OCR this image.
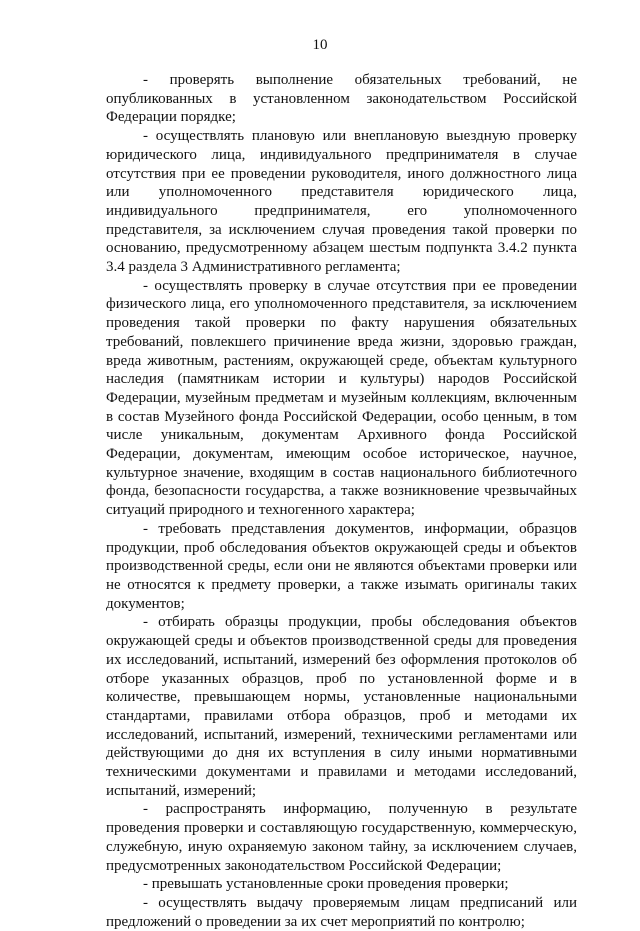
10

- проверять выполнение обязательных требований, не опубликованных в установленном законодательством Российской Федерации порядке;

- осуществлять плановую или внеплановую выездную проверку юридического лица, индивидуального предпринимателя в случае отсутствия при ее проведении руководителя, иного должностного лица или уполномоченного представителя юридического лица, индивидуального предпринимателя, его уполномоченного представителя, за исключением случая проведения такой проверки по основанию, предусмотренному абзацем шестым подпункта 3.4.2 пункта 3.4 раздела 3 Административного регламента;

- осуществлять проверку в случае отсутствия при ее проведении физического лица, его уполномоченного представителя, за исключением проведения такой проверки по факту нарушения обязательных требований, повлекшего причинение вреда жизни, здоровью граждан, вреда животным, растениям, окружающей среде, объектам культурного наследия (памятникам истории и культуры) народов Российской Федерации, музейным предметам и музейным коллекциям, включенным в состав Музейного фонда Российской Федерации, особо ценным, в том числе уникальным, документам Архивного фонда Российской Федерации, документам, имеющим особое историческое, научное, культурное значение, входящим в состав национального библиотечного фонда, безопасности государства, а также возникновение чрезвычайных ситуаций природного и техногенного характера;

- требовать представления документов, информации, образцов продукции, проб обследования объектов окружающей среды и объектов производственной среды, если они не являются объектами проверки или не относятся к предмету проверки, а также изымать оригиналы таких документов;

- отбирать образцы продукции, пробы обследования объектов окружающей среды и объектов производственной среды для проведения их исследований, испытаний, измерений без оформления протоколов об отборе указанных образцов, проб по установленной форме и в количестве, превышающем нормы, установленные национальными стандартами, правилами отбора образцов, проб и методами их исследований, испытаний, измерений, техническими регламентами или действующими до дня их вступления в силу иными нормативными техническими документами и правилами и методами исследований, испытаний, измерений;

- распространять информацию, полученную в результате проведения проверки и составляющую государственную, коммерческую, служебную, иную охраняемую законом тайну, за исключением случаев, предусмотренных законодательством Российской Федерации;

- превышать установленные сроки проведения проверки;

- осуществлять выдачу проверяемым лицам предписаний или предложений о проведении за их счет мероприятий по контролю;
